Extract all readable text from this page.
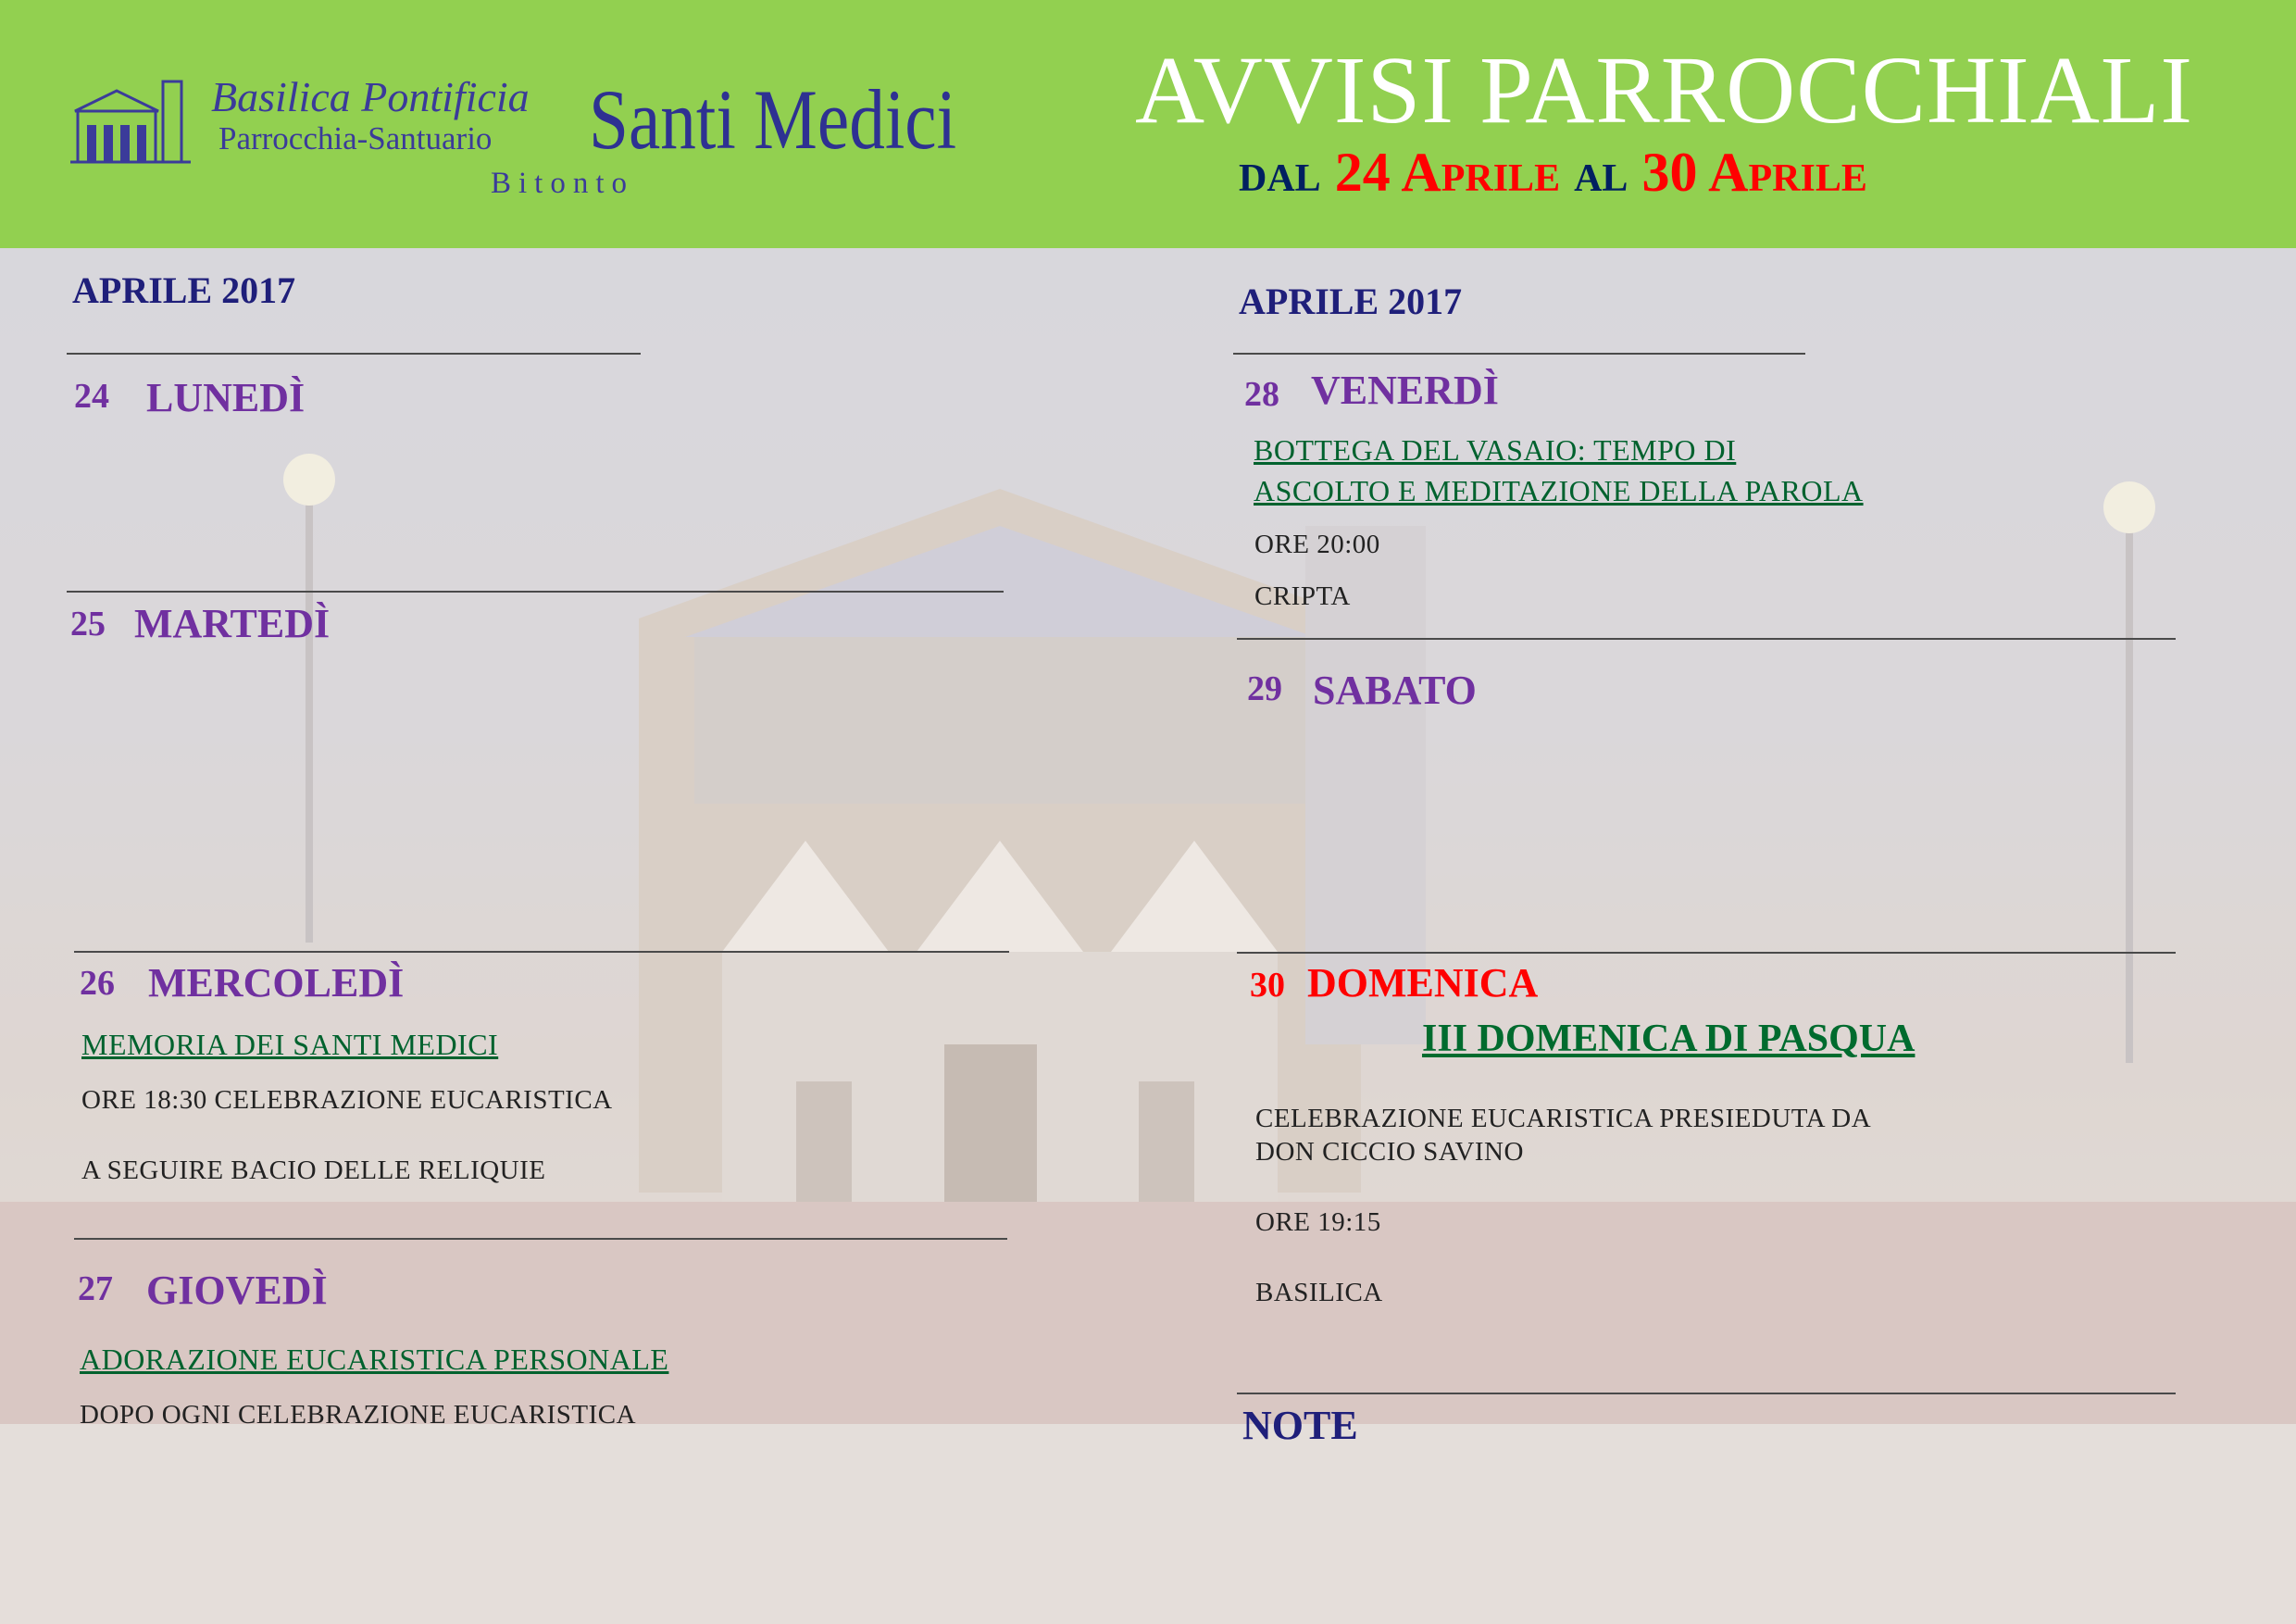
Basilica Pontificia
Parrocchia-Santuario
Bitonto
Santi Medici AVVISI PARROCCHIALI
dal 24 Aprile al 30 Aprile
APRILE 2017
24 LUNEDÌ
25 MARTEDÌ
26 MERCOLEDÌ
MEMORIA DEI SANTI MEDICI
ORE 18:30 CELEBRAZIONE EUCARISTICA
A SEGUIRE BACIO DELLE RELIQUIE
27 GIOVEDÌ
ADORAZIONE EUCARISTICA PERSONALE
DOPO OGNI CELEBRAZIONE EUCARISTICA
APRILE 2017
28 VENERDÌ
BOTTEGA DEL VASAIO: TEMPO DI
ASCOLTO E MEDITAZIONE DELLA PAROLA
ORE 20:00
CRIPTA
29 SABATO
30 DOMENICA
III DOMENICA DI PASQUA
CELEBRAZIONE EUCARISTICA PRESIEDUTA DA
DON CICCIO SAVINO
ORE 19:15
BASILICA
NOTE
